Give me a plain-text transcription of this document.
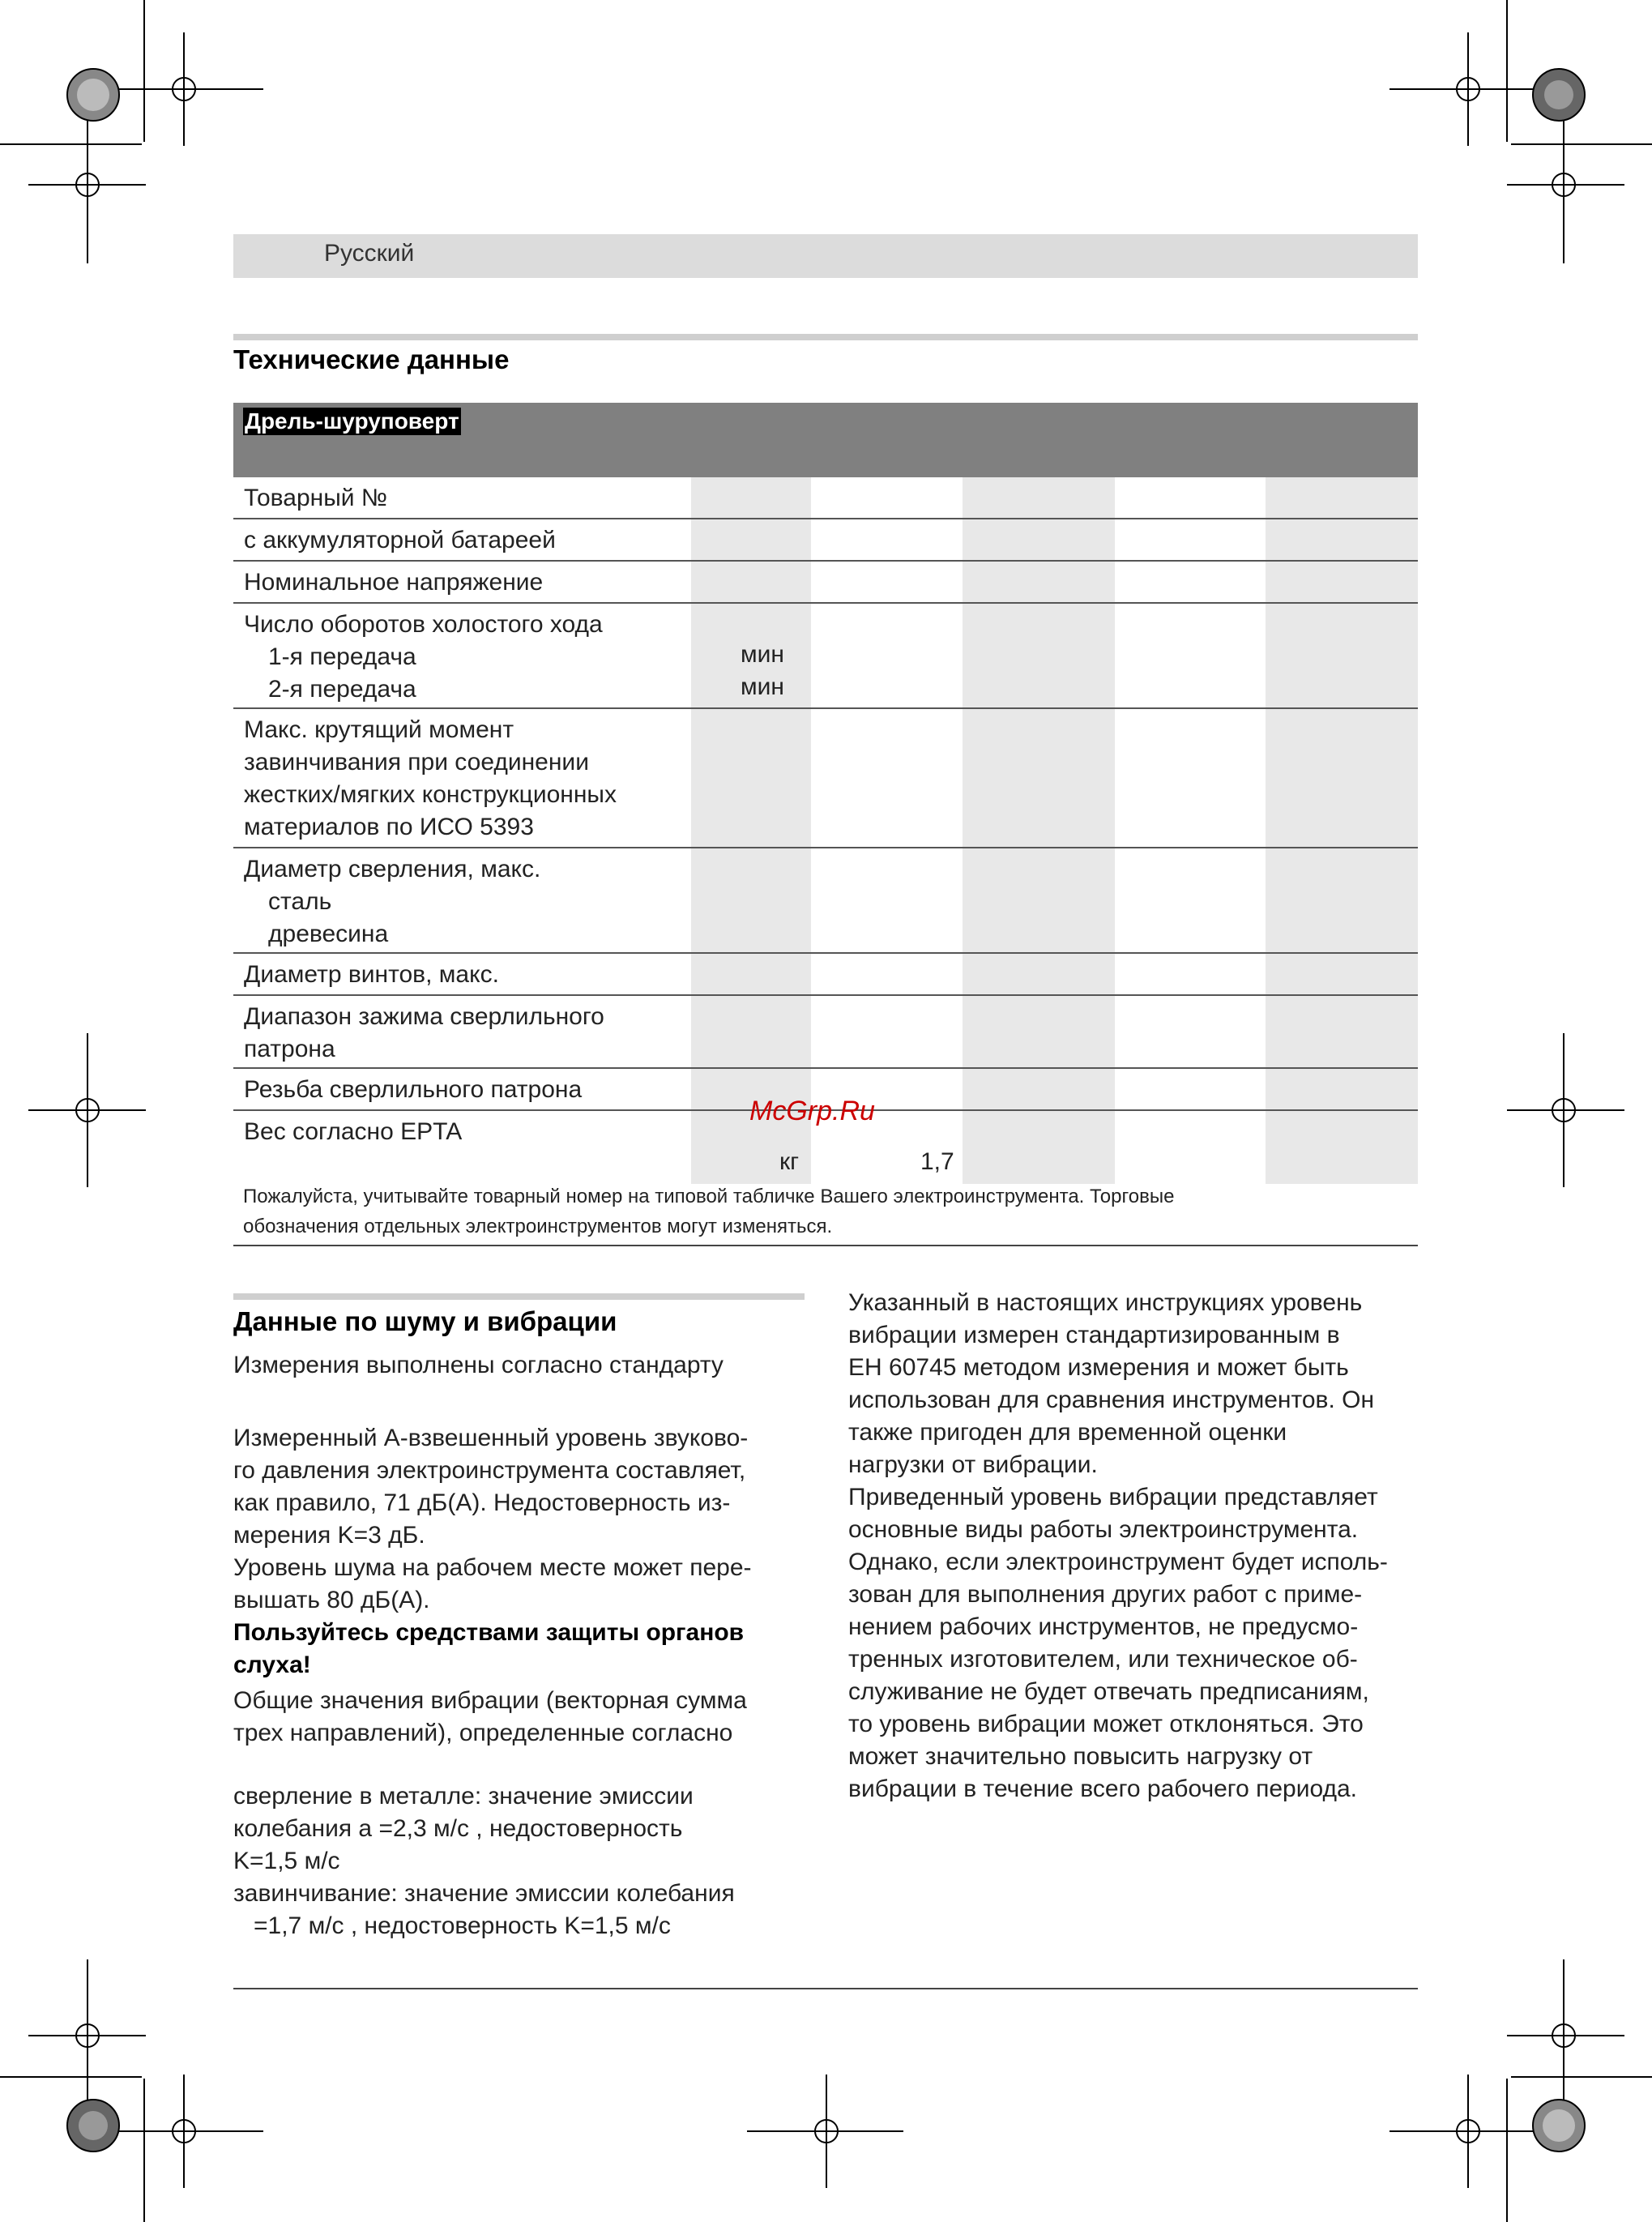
Русский
Технические данные
Дрель-шуруповерт
Товарный №
с аккумуляторной батареей
Номинальное напряжение
Число оборотов холостого хода
1-я передача
2-я передача
мин
мин
Макс. крутящий момент
завинчивания при соединении
жестких/мягких конструкционных
материалов по ИСО 5393
Диаметр сверления, макс.
сталь
древесина
Диаметр винтов, макс.
Диапазон зажима сверлильного
патрона
Резьба сверлильного патрона
Вес согласно EPTA
кг	1,7
Пожалуйста, учитывайте товарный номер на типовой табличке Вашего электроинструмента. Торговые
обозначения отдельных электроинструментов могут изменяться.
McGrp.Ru
Данные по шуму и вибрации
Измерения выполнены согласно стандарту
Измеренный А-взвешенный уровень звуково-
го давления электроинструмента составляет,
как правило, 71 дБ(A). Недостоверность из-
мерения K=3 дБ.
Уровень шума на рабочем месте может пере-
вышать 80 дБ(A).
Пользуйтесь средствами защиты органов
слуха!
Общие значения вибрации (векторная сумма
трех направлений), определенные согласно
сверление в металле: значение эмиссии
колебания a =2,3 м/с , недостоверность
K=1,5 м/с
завинчивание: значение эмиссии колебания
=1,7 м/с , недостоверность K=1,5 м/с
Указанный в настоящих инструкциях уровень
вибрации измерен стандартизированным в
EH 60745 методом измерения и может быть
использован для сравнения инструментов. Он
также пригоден для временной оценки
нагрузки от вибрации.
Приведенный уровень вибрации представляет
основные виды работы электроинструмента.
Однако, если электроинструмент будет исполь-
зован для выполнения других работ с приме-
нением рабочих инструментов, не предусмо-
тренных изготовителем, или техническое об-
служивание не будет отвечать предписаниям,
то уровень вибрации может отклоняться. Это
может значительно повысить нагрузку от
вибрации в течение всего рабочего периода.
